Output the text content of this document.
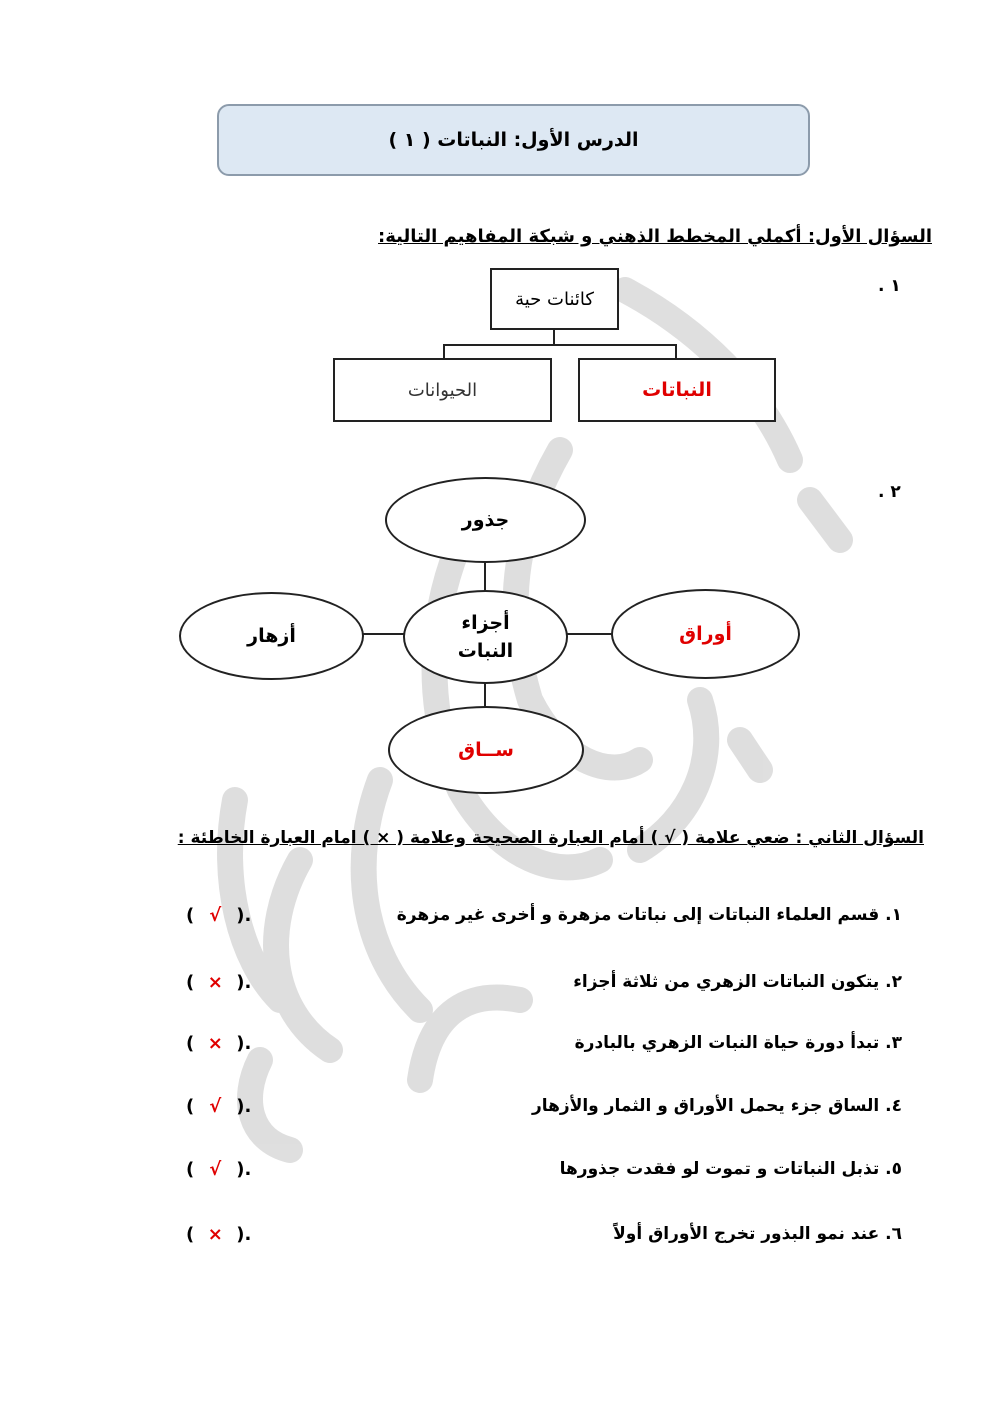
الدرس الأول: النباتات ( ١ )
السؤال الأول: أكملي المخطط الذهني و شبكة المفاهيم التالية:
١ .
كائنات حية
الحيوانات	النباتات
٢ .
جذور
أجزاء النبات
أزهار	أوراق
ســاق
السؤال الثاني : ضعي علامة ( √ ) أمام العبارة الصحيحة وعلامة ( × ) امام العبارة الخاطئة :
١. قسم العلماء النباتات إلى نباتات مزهرة و أخرى غير مزهرة
( √ ).
٢. يتكون النباتات الزهري من ثلاثة أجزاء
( × ).
٣. تبدأ دورة حياة النبات الزهري بالبادرة
( × ).
٤. الساق جزء يحمل الأوراق و الثمار والأزهار
( √ ).
٥. تذبل النباتات و تموت لو فقدت جذورها
( √ ).
٦. عند نمو البذور تخرج الأوراق أولاً
( × ).
